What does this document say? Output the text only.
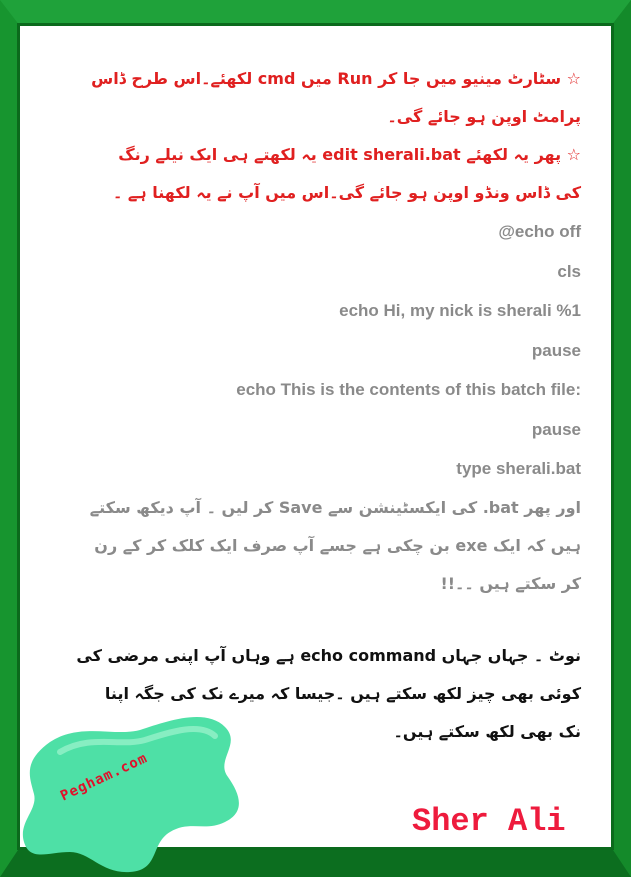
☆ سٹارٹ مینیو میں جا کر Run میں cmd لکھئے۔اس طرح ڈاس
پرامٹ اوپن ہو جائے گی۔
☆ پھر یہ لکھئے edit sherali.bat یہ لکھتے ہی ایک نیلے رنگ
کی ڈاس ونڈو اوپن ہو جائے گی۔اس میں آپ نے یہ لکھنا ہے ۔
@echo off
cls
echo Hi, my nick is sherali %1
pause
echo This is the contents of this batch file:
pause
type sherali.bat
اور پھر bat. کی ایکسٹینشن سے Save کر لیں ۔ آپ دیکھ سکتے
ہیں کہ ایک exe بن چکی ہے جسے آپ صرف ایک کلک کر کے رن
کر سکتے ہیں ۔۔!!
نوٹ ۔ جہاں جہاں echo command ہے وہاں آپ اپنی مرضی کی
کوئی بھی چیز لکھ سکتے ہیں ۔جیسا کہ میرے نک کی جگہ اپنا
نک بھی لکھ سکتے ہیں۔
Pegham.com
Sher Ali
